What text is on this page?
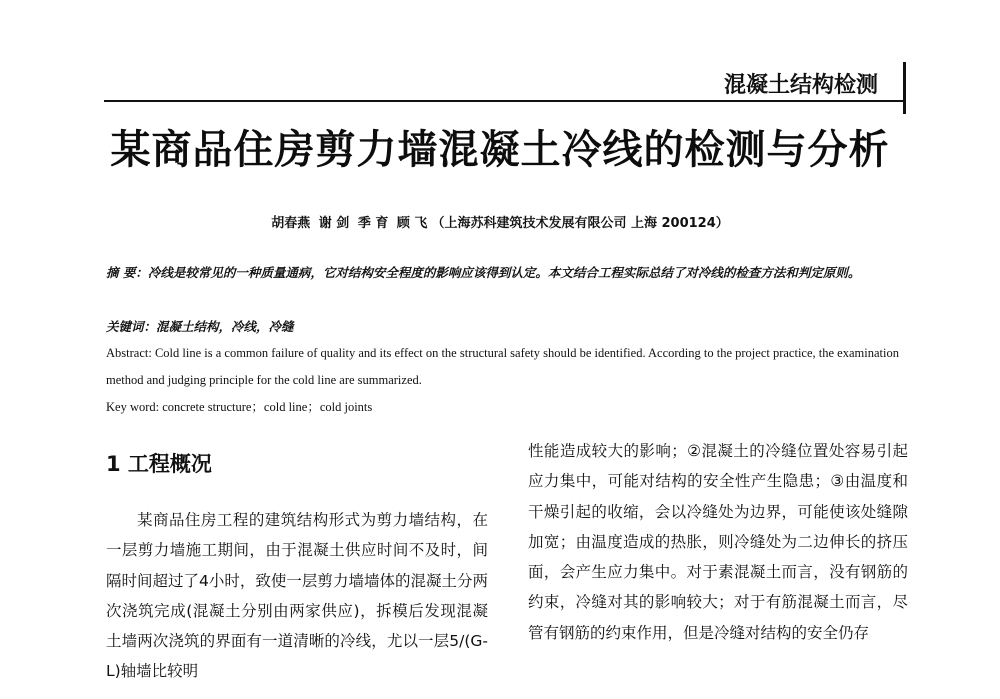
混凝土结构检测
某商品住房剪力墙混凝土冷线的检测与分析
胡春燕 谢 剑 季 育 顾 飞 （上海苏科建筑技术发展有限公司 上海 200124）
摘 要：冷线是较常见的一种质量通病，它对结构安全程度的影响应该得到认定。本文结合工程实际总结了对冷线的检查方法和判定原则。
关键词：混凝土结构，冷线，冷缝
Abstract: Cold line is a common failure of quality and its effect on the structural safety should be identified. According to the project practice, the examination method and judging principle for the cold line are summarized.
Key word: concrete structure；cold line；cold joints
1 工程概况
某商品住房工程的建筑结构形式为剪力墙结构，在一层剪力墙施工期间，由于混凝土供应时间不及时，间隔时间超过了4小时，致使一层剪力墙墙体的混凝土分两次浇筑完成(混凝土分别由两家供应)，拆模后发现混凝土墙两次浇筑的界面有一道清晰的冷线，尤以一层5/(G-L)轴墙比较明
性能造成较大的影响；②混凝土的冷缝位置处容易引起应力集中，可能对结构的安全性产生隐患；③由温度和干燥引起的收缩，会以冷缝处为边界，可能使该处缝隙加宽；由温度造成的热胀，则冷缝处为二边伸长的挤压面，会产生应力集中。对于素混凝土而言，没有钢筋的约束，冷缝对其的影响较大；对于有筋混凝土而言，尽管有钢筋的约束作用，但是冷缝对结构的安全仍存
